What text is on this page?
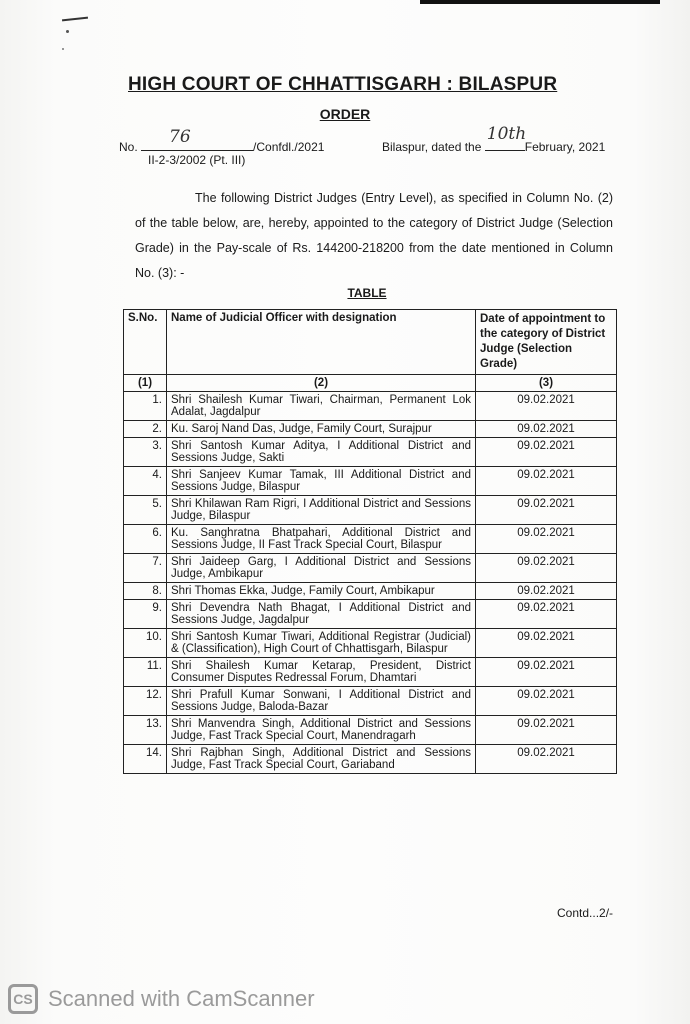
HIGH COURT OF CHHATTISGARH : BILASPUR
ORDER
No. 76	/Confdl./2021
II-2-3/2002 (Pt. III)
Bilaspur, dated the
10th
February, 2021
The following District Judges (Entry Level), as specified in Column No. (2) of the table below, are, hereby, appointed to the category of District Judge (Selection Grade) in the Pay-scale of Rs. 144200-218200 from the date mentioned in Column No. (3): -
TABLE
S.No.	Name of Judicial Officer with designation	Date of appointment to the category of District Judge (Selection Grade)
(1)	(2)	(3)
1.	Shri Shailesh Kumar Tiwari, Chairman, Permanent Lok Adalat, Jagdalpur	09.02.2021
2.	Ku. Saroj Nand Das, Judge, Family Court, Surajpur	09.02.2021
3.	Shri Santosh Kumar Aditya, I Additional District and Sessions Judge, Sakti	09.02.2021
4.	Shri Sanjeev Kumar Tamak, III Additional District and Sessions Judge, Bilaspur	09.02.2021
5.	Shri Khilawan Ram Rigri, I Additional District and Sessions Judge, Bilaspur	09.02.2021
6.	Ku. Sanghratna Bhatpahari, Additional District and Sessions Judge, II Fast Track Special Court, Bilaspur	09.02.2021
7.	Shri Jaideep Garg, I Additional District and Sessions Judge, Ambikapur	09.02.2021
8.	Shri Thomas Ekka, Judge, Family Court, Ambikapur	09.02.2021
9.	Shri Devendra Nath Bhagat, I Additional District and Sessions Judge, Jagdalpur	09.02.2021
10.	Shri Santosh Kumar Tiwari, Additional Registrar (Judicial) & (Classification), High Court of Chhattisgarh, Bilaspur	09.02.2021
11.	Shri Shailesh Kumar Ketarap, President, District Consumer Disputes Redressal Forum, Dhamtari	09.02.2021
12.	Shri Prafull Kumar Sonwani, I Additional District and Sessions Judge, Baloda-Bazar	09.02.2021
13.	Shri Manvendra Singh, Additional District and Sessions Judge, Fast Track Special Court, Manendragarh	09.02.2021
14.	Shri Rajbhan Singh, Additional District and Sessions Judge, Fast Track Special Court, Gariaband	09.02.2021
Contd...2/-
CS Scanned with CamScanner
